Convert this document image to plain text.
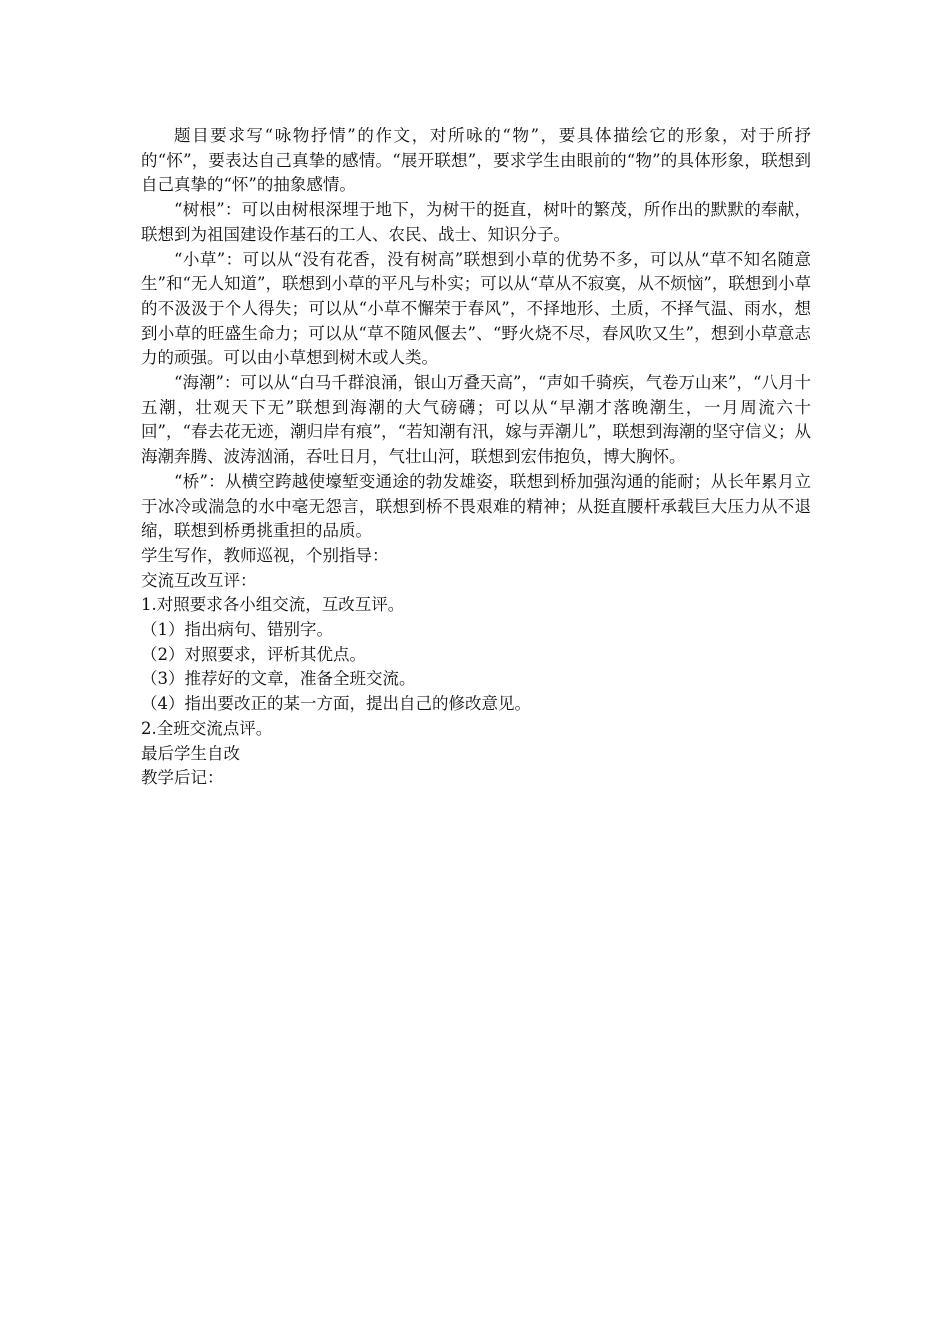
题目要求写“咏物抒情”的作文，对所咏的“物”，要具体描绘它的形象，对于所抒的“怀”，要表达自己真挚的感情。“展开联想”，要求学生由眼前的“物”的具体形象，联想到自己真挚的“怀”的抽象感情。

“树根”：可以由树根深埋于地下，为树干的挺直，树叶的繁茂，所作出的默默的奉献，联想到为祖国建设作基石的工人、农民、战士、知识分子。

“小草”：可以从“没有花香，没有树高”联想到小草的优势不多，可以从“草不知名随意生”和“无人知道”，联想到小草的平凡与朴实；可以从“草从不寂寞，从不烦恼”，联想到小草的不汲汲于个人得失；可以从“小草不懈荣于春风”，不择地形、土质，不择气温、雨水，想到小草的旺盛生命力；可以从“草不随风偃去”、“野火烧不尽，春风吹又生”，想到小草意志力的顽强。可以由小草想到树木或人类。

“海潮”：可以从“白马千群浪涌，银山万叠天高”，“声如千骑疾，气卷万山来”，“八月十五潮，壮观天下无”联想到海潮的大气磅礴；可以从“早潮才落晚潮生，一月周流六十回”，“春去花无迹，潮归岸有痕”，“若知潮有汛，嫁与弄潮儿”，联想到海潮的坚守信义；从海潮奔腾、波涛汹涌，吞吐日月，气壮山河，联想到宏伟抱负，博大胸怀。

“桥”：从横空跨越使壕堑变通途的勃发雄姿，联想到桥加强沟通的能耐；从长年累月立于冰冷或湍急的水中毫无怨言，联想到桥不畏艰难的精神；从挺直腰杆承载巨大压力从不退缩，联想到桥勇挑重担的品质。

学生写作，教师巡视，个别指导：

交流互改互评：

1.对照要求各小组交流，互改互评。

（1）指出病句、错别字。

（2）对照要求，评析其优点。

（3）推荐好的文章，准备全班交流。

（4）指出要改正的某一方面，提出自己的修改意见。

2.全班交流点评。

最后学生自改

教学后记：
